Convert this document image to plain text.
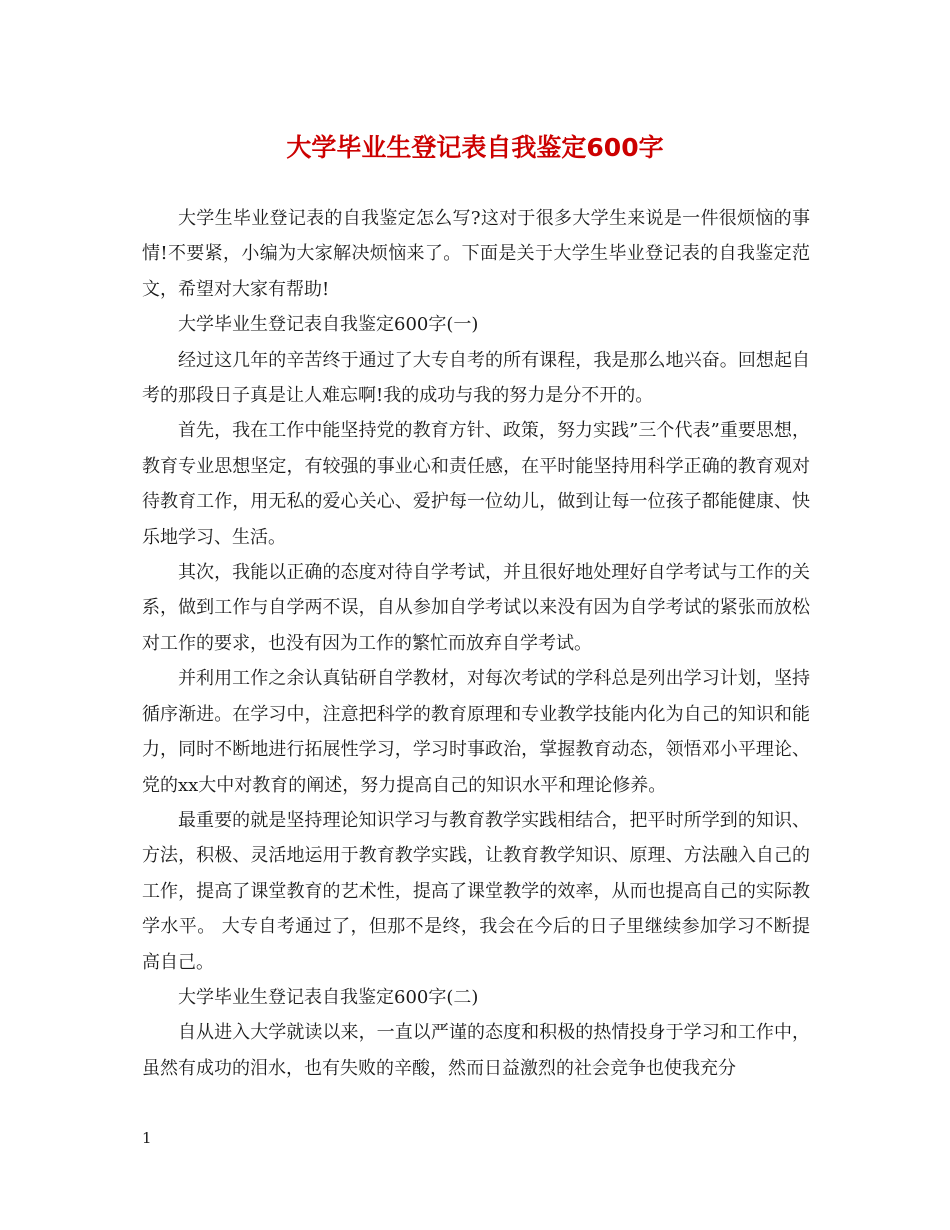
大学毕业生登记表自我鉴定600字

大学生毕业登记表的自我鉴定怎么写?这对于很多大学生来说是一件很烦恼的事情!不要紧，小编为大家解决烦恼来了。下面是关于大学生毕业登记表的自我鉴定范文，希望对大家有帮助!

大学毕业生登记表自我鉴定600字(一)

经过这几年的辛苦终于通过了大专自考的所有课程，我是那么地兴奋。回想起自考的那段日子真是让人难忘啊!我的成功与我的努力是分不开的。

首先，我在工作中能坚持党的教育方针、政策，努力实践”三个代表”重要思想，教育专业思想坚定，有较强的事业心和责任感，在平时能坚持用科学正确的教育观对待教育工作，用无私的爱心关心、爱护每一位幼儿，做到让每一位孩子都能健康、快乐地学习、生活。

其次，我能以正确的态度对待自学考试，并且很好地处理好自学考试与工作的关系，做到工作与自学两不误，自从参加自学考试以来没有因为自学考试的紧张而放松对工作的要求，也没有因为工作的繁忙而放弃自学考试。

并利用工作之余认真钻研自学教材，对每次考试的学科总是列出学习计划，坚持循序渐进。在学习中，注意把科学的教育原理和专业教学技能内化为自己的知识和能力，同时不断地进行拓展性学习，学习时事政治，掌握教育动态，领悟邓小平理论、党的xx大中对教育的阐述，努力提高自己的知识水平和理论修养。

最重要的就是坚持理论知识学习与教育教学实践相结合，把平时所学到的知识、方法，积极、灵活地运用于教育教学实践，让教育教学知识、原理、方法融入自己的工作，提高了课堂教育的艺术性，提高了课堂教学的效率，从而也提高自己的实际教学水平。 大专自考通过了，但那不是终，我会在今后的日子里继续参加学习不断提高自己。

大学毕业生登记表自我鉴定600字(二)

自从进入大学就读以来，一直以严谨的态度和积极的热情投身于学习和工作中，虽然有成功的泪水，也有失败的辛酸，然而日益激烈的社会竞争也使我充分

1
